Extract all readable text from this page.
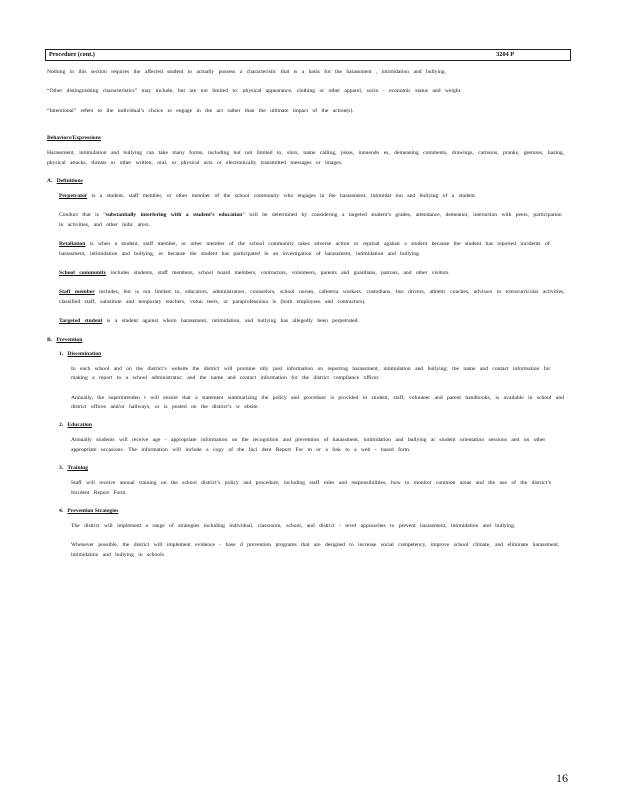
Procedure (cont.)	3204 P

Nothing in this section requires the affected student to actually possess a characteristic that is a basis for the harassment , intimidation and bullying.

“Other distinguishing characteristics” may include, but are not limited to: physical appearance, clothing or other apparel, socio - economic status and weight.

“Intentional” refers to the individual’s choice to engage in the act rather than the ultimate impact of the action(s).

Behaviors/Expressions

Harassment, intimidation and bullying can take many forms, including but not limited to, slurs, name calling, jokes, innuendo es, demeaning comments, drawings, cartoons, pranks, gestures, hazing, physical attacks, threats or other written, oral, or physical acts or electronically transmitted messages or images.

A. Definitions

Perpetrator is a student, staff member, or other member of the school community who engages in the harassment, intimidat ion and bullying of a student.

Conduct that is “substantially interfering with a student’s education” will be determined by considering a targeted student’s grades, attendance, demeanor, interaction with peers, participation in activities, and other indic ators.

Retaliation is when a student, staff member, or other member of the school community takes adverse action or reprisal against a student because the student has reported incidents of harassment, intimidation and bullying, or because the student has participated in an investigation of harassment, intimidation and bullying.

School community includes students, staff members, school board members, contractors, volunteers, parents and guardians, patrons, and other visitors.

Staff member includes, but is not limited to, educators, administrators, counselors, school nurses, cafeteria workers, custodians, bus drivers, athletic coaches, advisors to extracurricular activities, classified staff, substitute and temporary teachers, volun teers, or paraprofessiona ls (both employees and contractors).

Targeted student is a student against whom harassment, intimidation, and bullying has allegedly been perpetrated.

B. Prevention
1. Dissemination

In each school and on the district’s website the district will promine ntly post information on reporting harassment, intimidation and bullying; the name and contact information for making a report to a school administrator; and the name and contact information for the district compliance officer.

Annually, the superintenden t will ensure that a statement summarizing the policy and procedure is provided in student, staff, volunteer and parent handbooks, is available in school and district offices and/or hallways, or is posted on the district’s w ebsite.

2. Education

Annually students will receive age - appropriate information on the recognition and prevention of harassment, intimidation and bullying at student orientation sessions and on other appropriate occasions. The information will include a copy of the Inci dent Report For m or a link to a web - based form.

3. Training

Staff will receive annual training on the school district’s policy and procedure, including staff roles and responsibilities, how to monitor common areas and the use of the district’s Incident Report Form.

4. Prevention Strategies

The district will implement a range of strategies including individual, classroom, school, and district - level approaches to prevent harassment, intimidation and bullying.

Whenever possible, the district will implement evidence - base d prevention programs that are designed to increase social competency, improve school climate, and eliminate harassment, intimidation and bullying in schools.

16
